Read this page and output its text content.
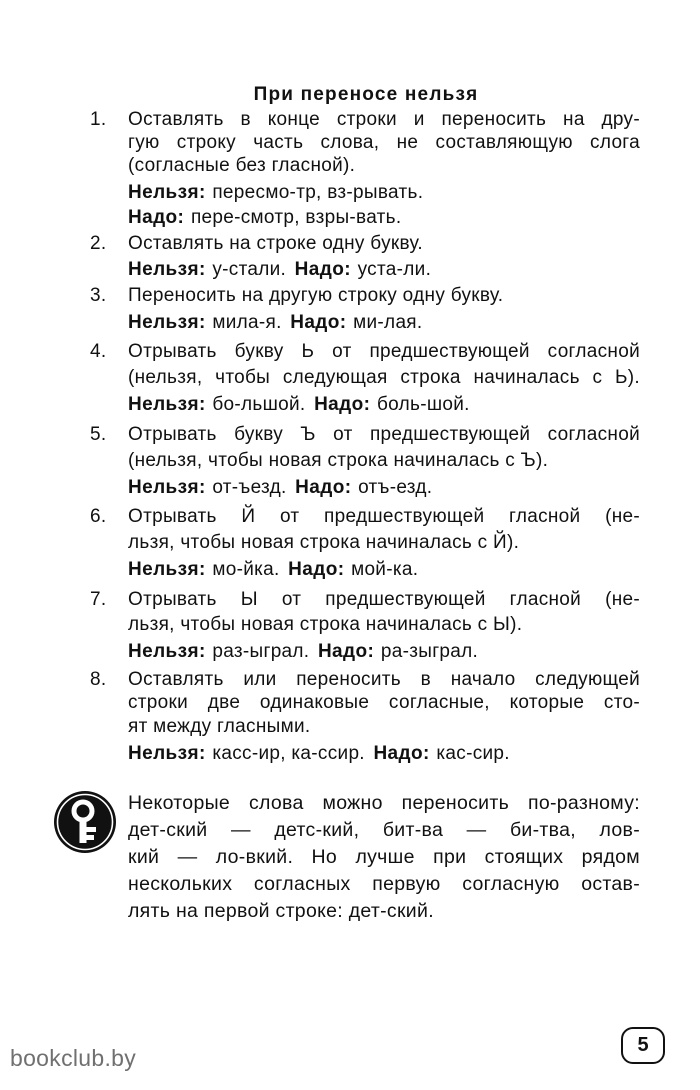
При переносе нельзя
1.	Оставлять в конце строки и переносить на дру-
гую строку часть слова, не составляющую слога
(согласные без гласной).
Нельзя: пересмо-тр, вз-рывать.
Надо: пере-смотр, взры-вать.
2.	Оставлять на строке одну букву.
Нельзя: у-стали. Надо: уста-ли.
3.	Переносить на другую строку одну букву.
Нельзя: мила-я. Надо: ми-лая.
4.	Отрывать букву Ь от предшествующей согласной
(нельзя, чтобы следующая строка начиналась с Ь).
Нельзя: бо-льшой. Надо: боль-шой.
5.	Отрывать букву Ъ от предшествующей согласной
(нельзя, чтобы новая строка начиналась с Ъ).
Нельзя: от-ъезд. Надо: отъ-езд.
6.	Отрывать Й от предшествующей гласной (не-
льзя, чтобы новая строка начиналась с Й).
Нельзя: мо-йка. Надо: мой-ка.
7.	Отрывать Ы от предшествующей гласной (не-
льзя, чтобы новая строка начиналась с Ы).
Нельзя: раз-ыграл. Надо: ра-зыграл.
8.	Оставлять или переносить в начало следующей
строки две одинаковые согласные, которые сто-
ят между гласными.
Нельзя: касс-ир, ка-ссир. Надо: кас-сир.
Некоторые слова можно переносить по-разному:
дет-ский — детс-кий, бит-ва — би-тва, лов-
кий — ло-вкий. Но лучше при стоящих рядом
нескольких согласных первую согласную остав-
лять на первой строке: дет-ский.
5
bookclub.by
